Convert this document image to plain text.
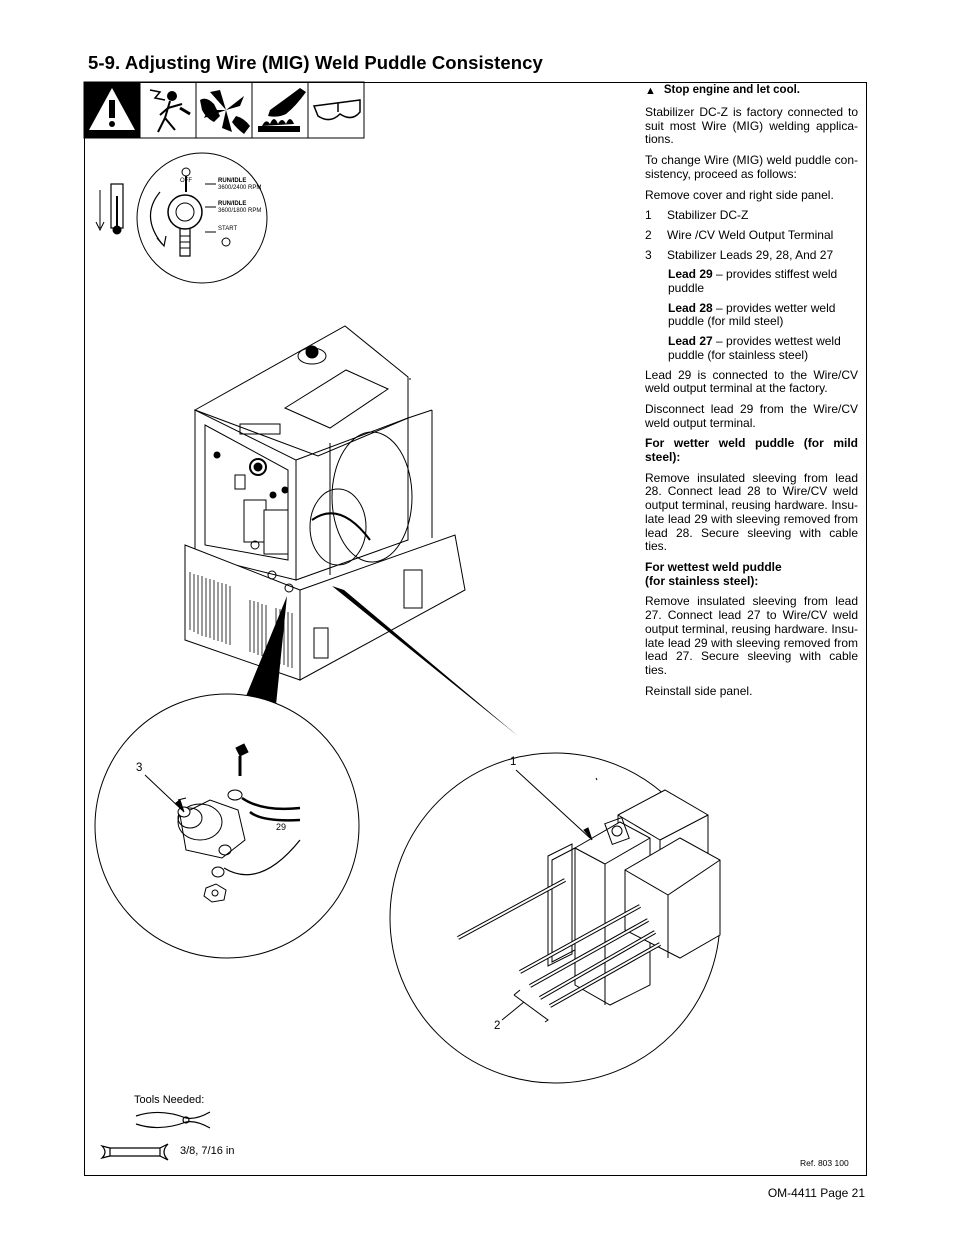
5-9. Adjusting Wire (MIG) Weld Puddle Consistency
OFF	RUN/IDLE
3600/2400 RPM
RUN/IDLE
3600/1800 RPM
START
3
29
1
2
Tools Needed:
3/8, 7/16 in
Ref. 803 100
▲ Stop engine and let cool.

Stabilizer DC-Z is factory connected to suit most Wire (MIG) welding applica-tions.

To change Wire (MIG) weld puddle con-sistency, proceed as follows:

Remove cover and right side panel.

1	Stabilizer DC-Z
2	Wire /CV Weld Output Terminal
3	Stabilizer Leads 29, 28, And 27

Lead 29 – provides stiffest weld puddle

Lead 28 – provides wetter weld puddle (for mild steel)

Lead 27 – provides wettest weld puddle (for stainless steel)

Lead 29 is connected to the Wire/CV weld output terminal at the factory.

Disconnect lead 29 from the Wire/CV weld output terminal.

For wetter weld puddle (for mild steel):

Remove insulated sleeving from lead 28. Connect lead 28 to Wire/CV weld output terminal, reusing hardware. Insu-late lead 29 with sleeving removed from lead 28. Secure sleeving with cable ties.

For wettest weld puddle

(for stainless steel):

Remove insulated sleeving from lead 27. Connect lead 27 to Wire/CV weld output terminal, reusing hardware. Insu-late lead 29 with sleeving removed from lead 27. Secure sleeving with cable ties.

Reinstall side panel.

OM-4411 Page 21
